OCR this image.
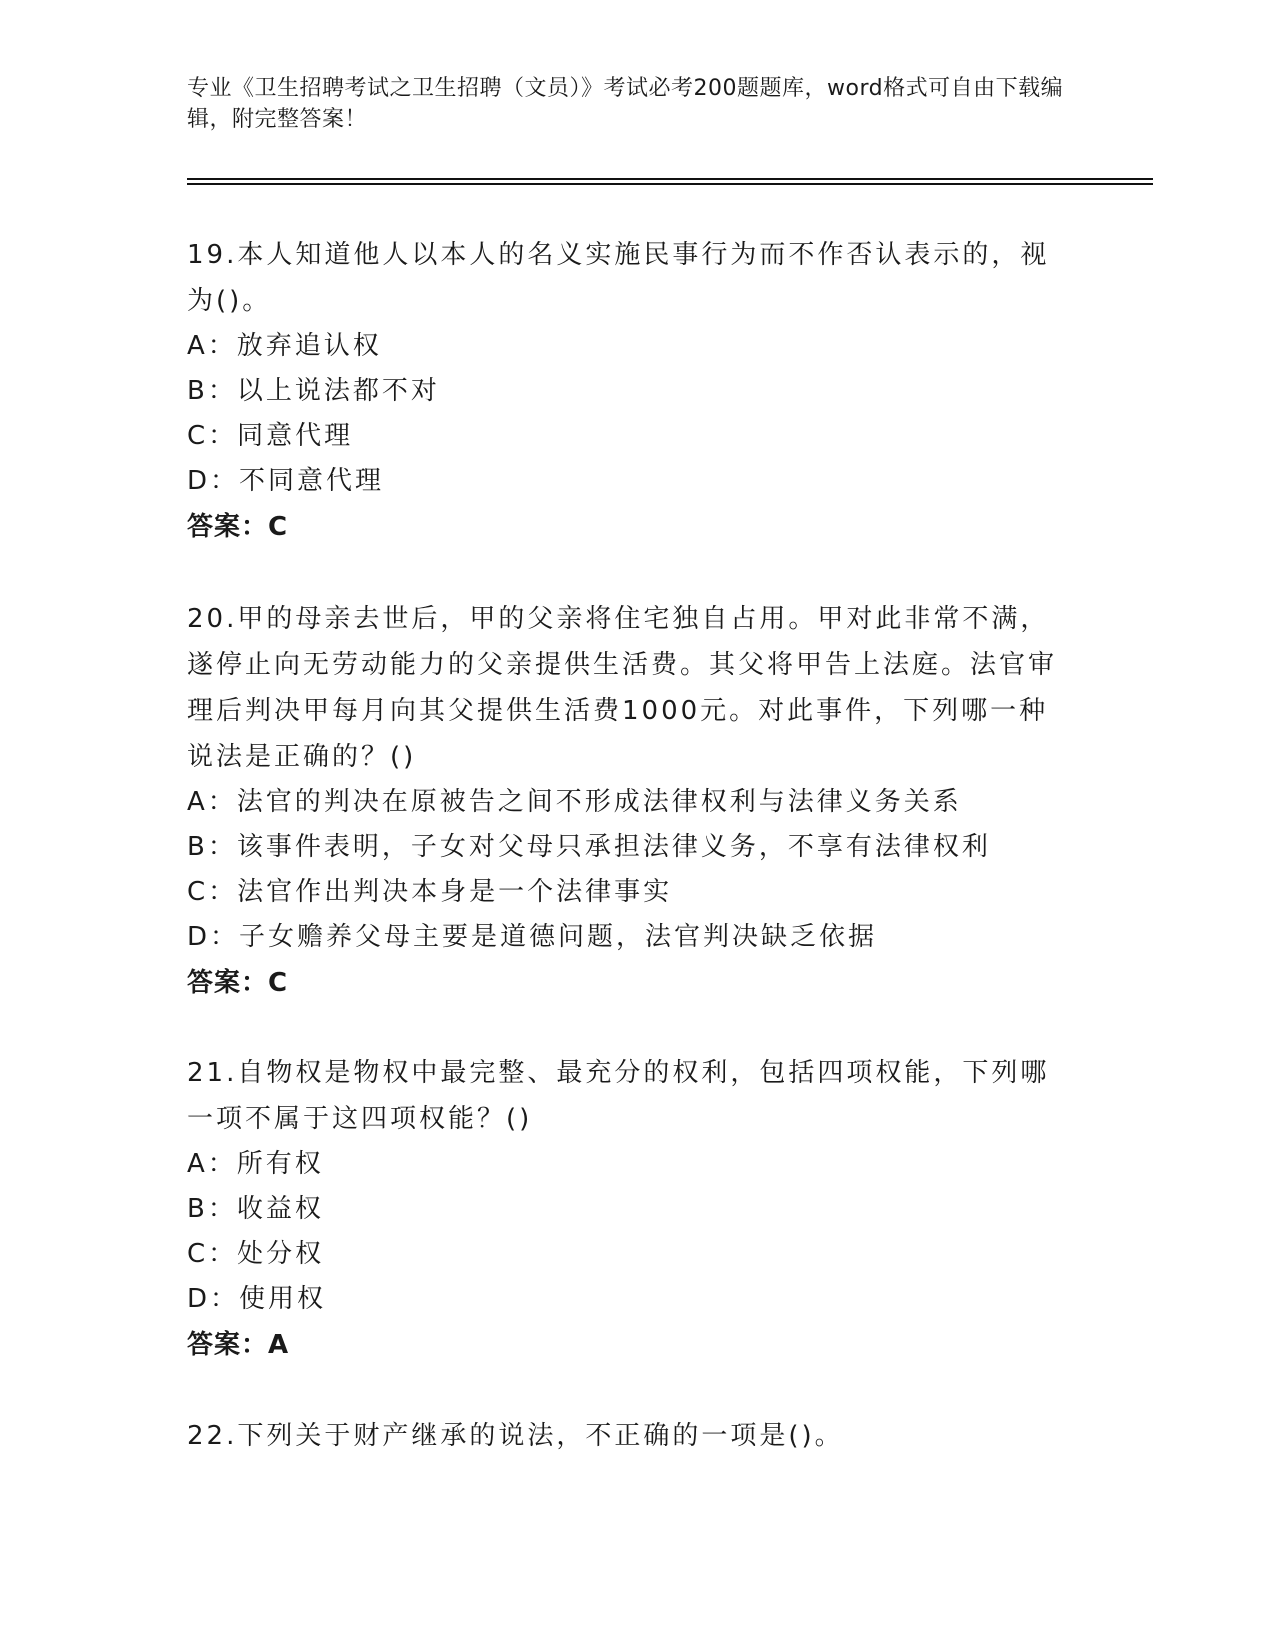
专业《卫生招聘考试之卫生招聘（文员）》考试必考200题题库，word格式可自由下载编辑，附完整答案！

19.本人知道他人以本人的名义实施民事行为而不作否认表示的，视为()。

A：放弃追认权
B：以上说法都不对
C：同意代理
D：不同意代理
答案：C

20.甲的母亲去世后，甲的父亲将住宅独自占用。甲对此非常不满，遂停止向无劳动能力的父亲提供生活费。其父将甲告上法庭。法官审理后判决甲每月向其父提供生活费1000元。对此事件，下列哪一种说法是正确的？()

A：法官的判决在原被告之间不形成法律权利与法律义务关系
B：该事件表明，子女对父母只承担法律义务，不享有法律权利
C：法官作出判决本身是一个法律事实
D：子女赡养父母主要是道德问题，法官判决缺乏依据
答案：C

21.自物权是物权中最完整、最充分的权利，包括四项权能，下列哪一项不属于这四项权能？()

A：所有权
B：收益权
C：处分权
D：使用权
答案：A

22.下列关于财产继承的说法，不正确的一项是()。
